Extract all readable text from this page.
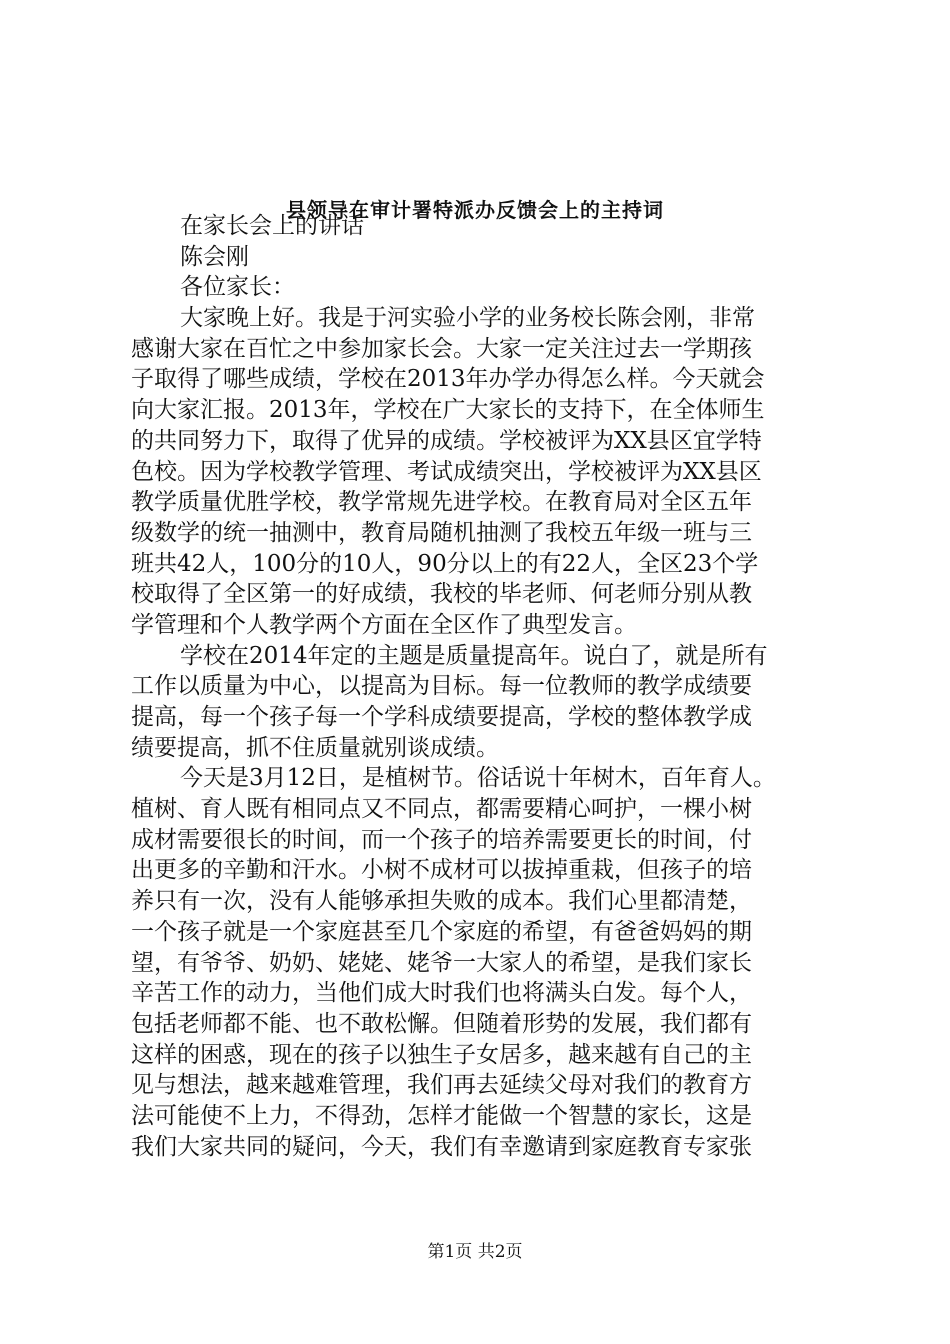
县领导在审计署特派办反馈会上的主持词
在家长会上的讲话
陈会刚
各位家长：
大家晚上好。我是于河实验小学的业务校长陈会刚，非常
感谢大家在百忙之中参加家长会。大家一定关注过去一学期孩
子取得了哪些成绩，学校在2013年办学办得怎么样。今天就会
向大家汇报。2013年，学校在广大家长的支持下，在全体师生
的共同努力下，取得了优异的成绩。学校被评为XX县区宜学特
色校。因为学校教学管理、考试成绩突出，学校被评为XX县区
教学质量优胜学校，教学常规先进学校。在教育局对全区五年
级数学的统一抽测中，教育局随机抽测了我校五年级一班与三
班共42人，100分的10人，90分以上的有22人，全区23个学
校取得了全区第一的好成绩，我校的毕老师、何老师分别从教
学管理和个人教学两个方面在全区作了典型发言。
学校在2014年定的主题是质量提高年。说白了，就是所有
工作以质量为中心，以提高为目标。每一位教师的教学成绩要
提高，每一个孩子每一个学科成绩要提高，学校的整体教学成
绩要提高，抓不住质量就别谈成绩。
今天是3月12日，是植树节。俗话说十年树木，百年育人。
植树、育人既有相同点又不同点，都需要精心呵护，一棵小树
成材需要很长的时间，而一个孩子的培养需要更长的时间，付
出更多的辛勤和汗水。小树不成材可以拔掉重栽，但孩子的培
养只有一次，没有人能够承担失败的成本。我们心里都清楚，
一个孩子就是一个家庭甚至几个家庭的希望，有爸爸妈妈的期
望，有爷爷、奶奶、姥姥、姥爷一大家人的希望，是我们家长
辛苦工作的动力，当他们成大时我们也将满头白发。每个人，
包括老师都不能、也不敢松懈。但随着形势的发展，我们都有
这样的困惑，现在的孩子以独生子女居多，越来越有自己的主
见与想法，越来越难管理，我们再去延续父母对我们的教育方
法可能使不上力，不得劲，怎样才能做一个智慧的家长，这是
我们大家共同的疑问，今天，我们有幸邀请到家庭教育专家张
第1页 共2页
